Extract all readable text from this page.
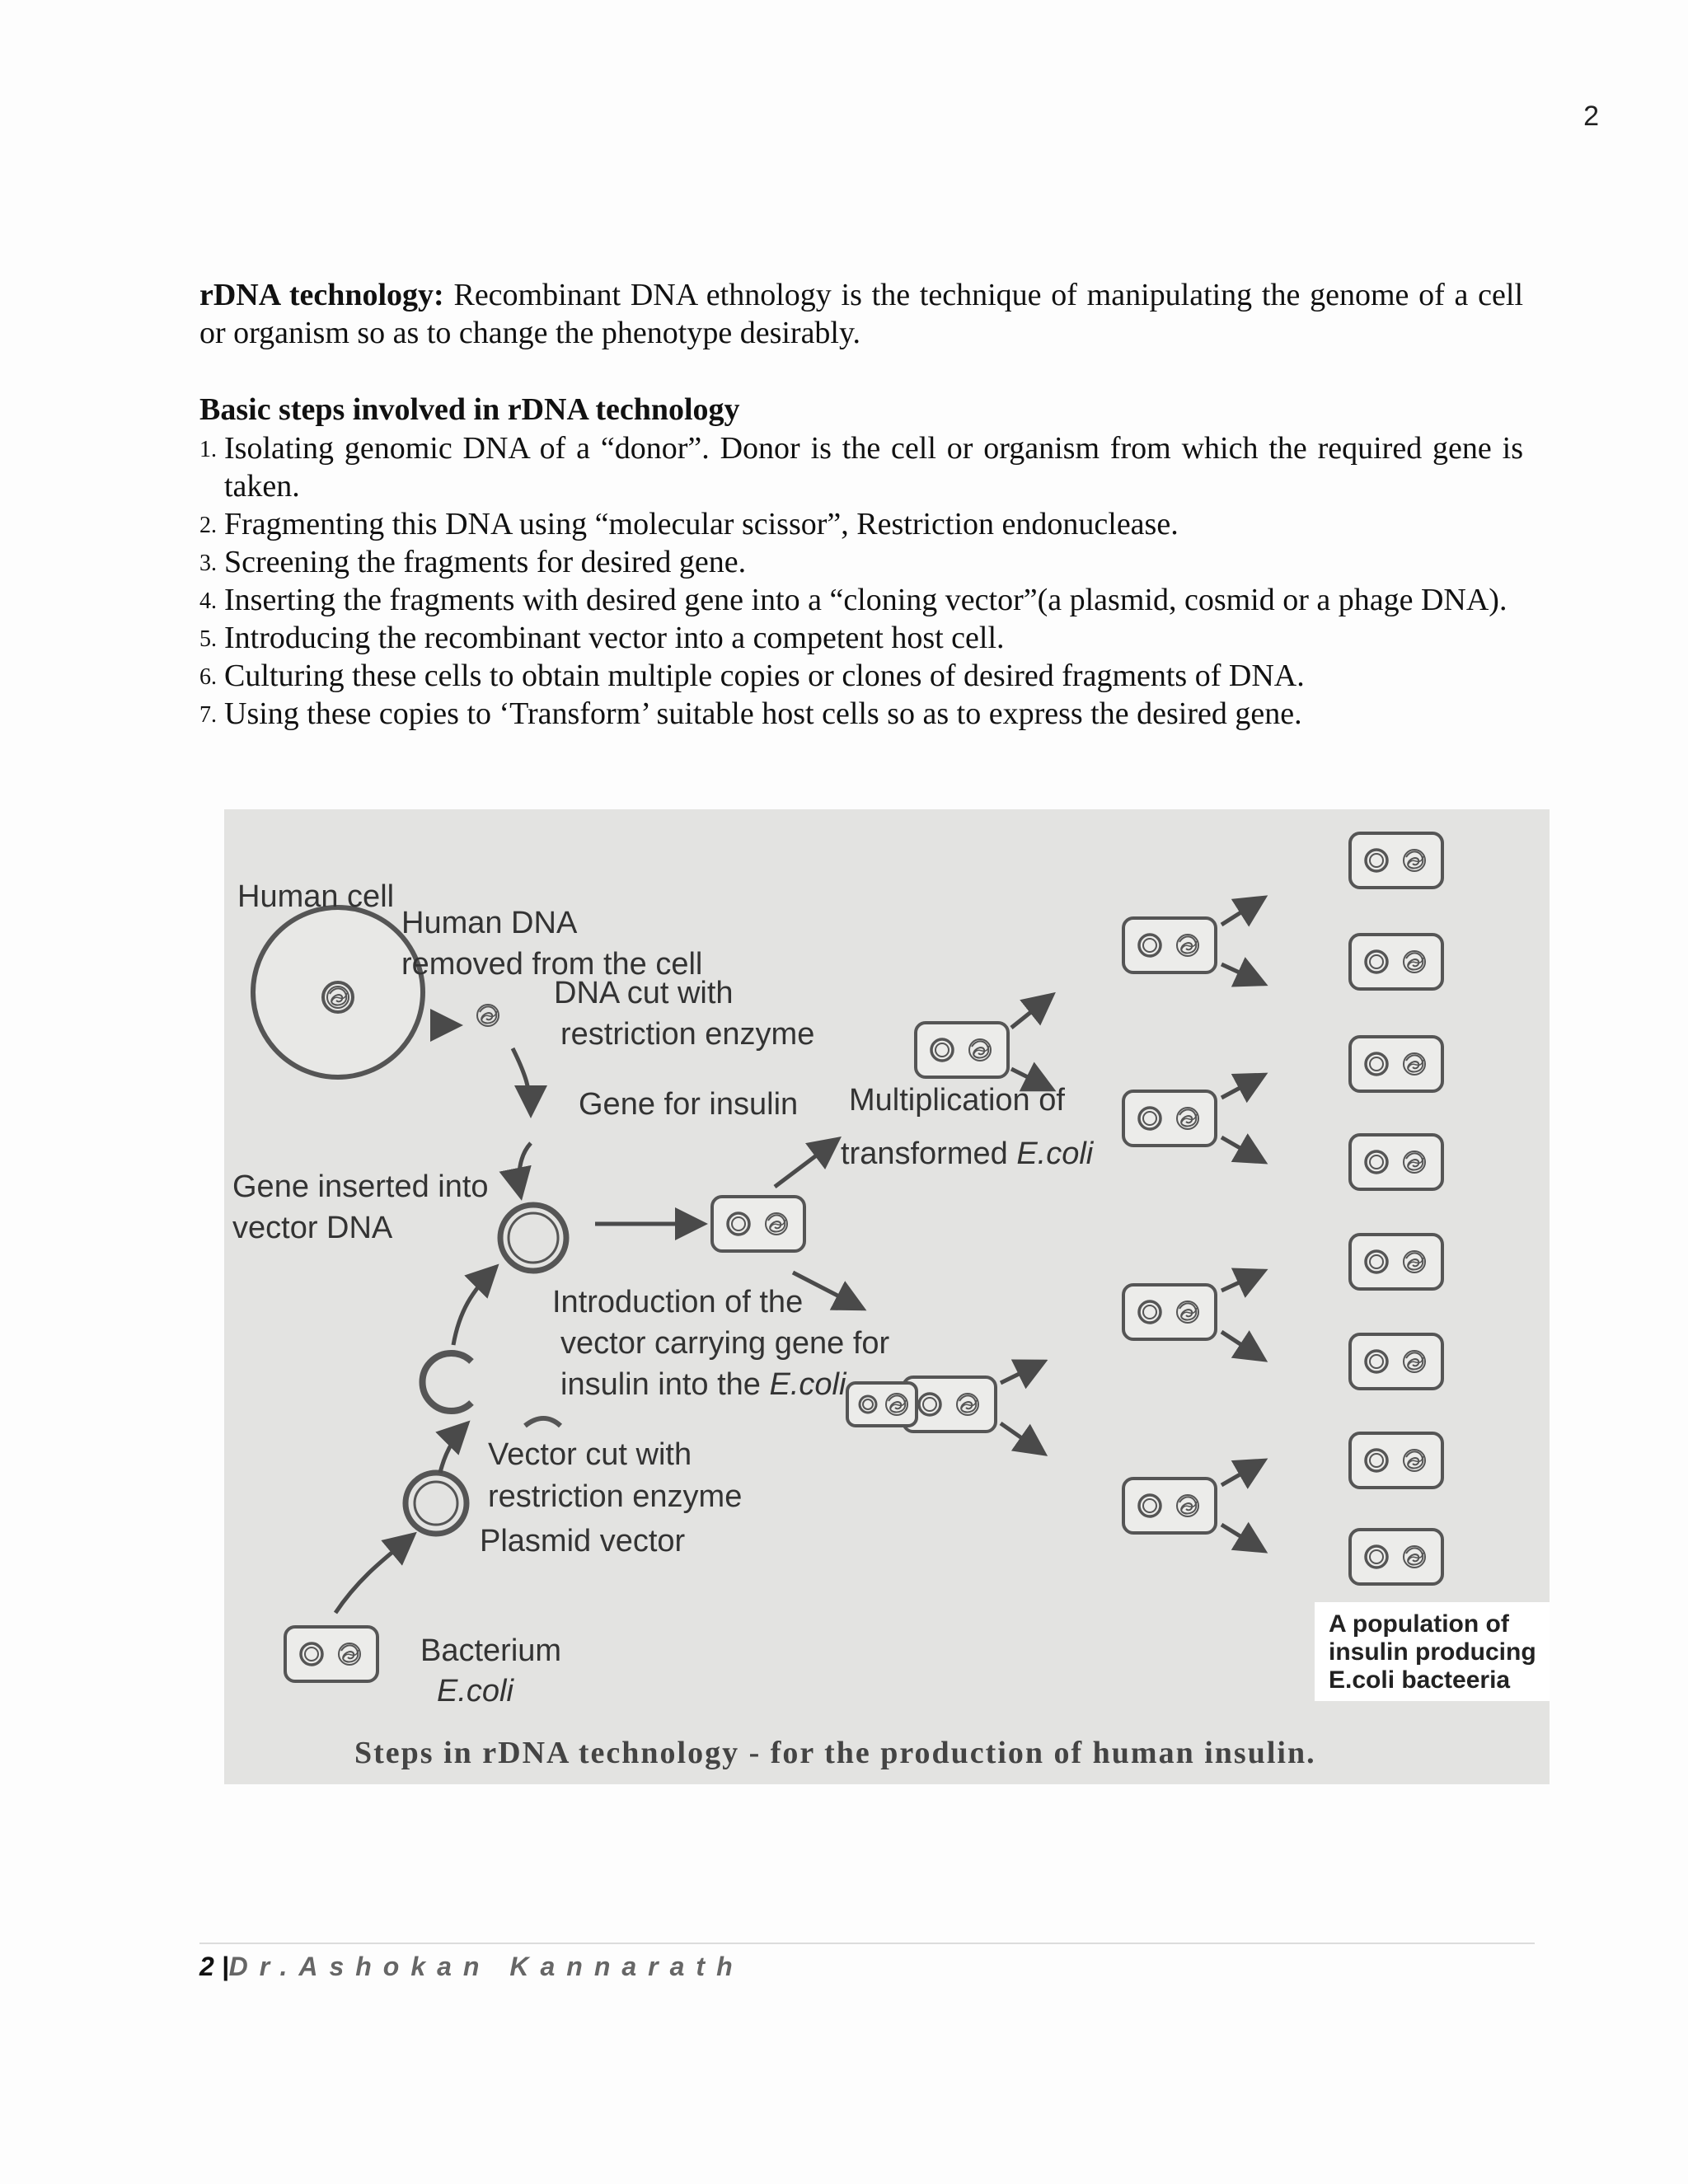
2

rDNA technology: Recombinant DNA ethnology is the technique of manipulating the genome of a cell or organism so as to change the phenotype desirably.

Basic steps involved in rDNA technology
1. Isolating genomic DNA of a “donor”. Donor is the cell or organism from which the required gene is taken.
2. Fragmenting this DNA using “molecular scissor”, Restriction endonuclease.
3. Screening the fragments for desired gene.
4. Inserting the fragments with desired gene into a “cloning vector”(a plasmid, cosmid or a phage DNA).
5. Introducing the recombinant vector into a competent host cell.
6. Culturing these cells to obtain multiple copies or clones of desired fragments of DNA.
7. Using these copies to ‘Transform’ suitable host cells so as to express the desired gene.
Human cell
Human DNA
removed from the cell
DNA cut with
restriction enzyme
Gene for insulin Multiplication of
transformed E.coli
Gene inserted into
vector DNA
Introduction of the
vector carrying gene for
insulin into the E.coli
Vector cut with
restriction enzyme
Plasmid vector
Bacterium
E.coli
A population of
insulin producing
E.coli bacteeria
Steps in rDNA technology - for the production of human insulin.
2 |Dr.Ashokan Kannarath
